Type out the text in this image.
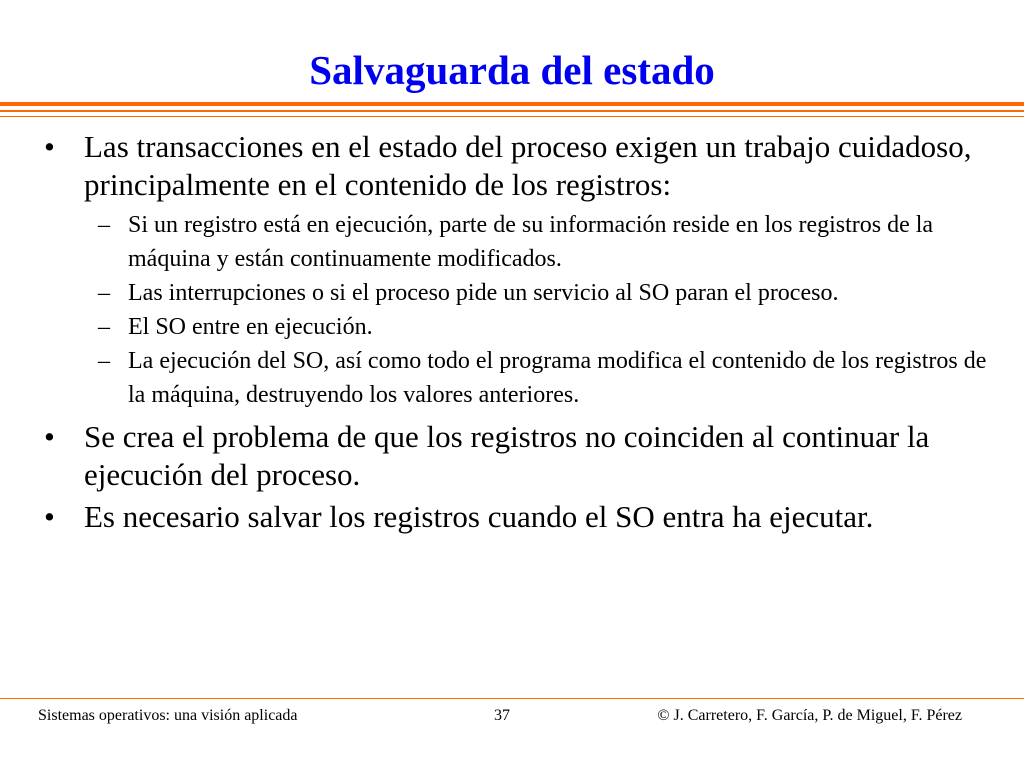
Salvaguarda del estado
• Las transacciones en el estado del proceso exigen un trabajo cuidadoso, principalmente en el contenido de los registros:
– Si un registro está en ejecución, parte de su información reside en los registros de la máquina y están continuamente modificados.
– Las interrupciones o si el proceso pide un servicio al SO paran el proceso.
– El SO entre en ejecución.
– La ejecución del SO, así como todo el programa modifica el contenido de los registros de la máquina, destruyendo los valores anteriores.
• Se crea el problema de que los registros no coinciden al continuar la ejecución del proceso.
• Es necesario salvar los registros cuando el SO entra ha ejecutar.
Sistemas operativos: una visión aplicada	37	© J. Carretero, F. García, P. de Miguel, F. Pérez
